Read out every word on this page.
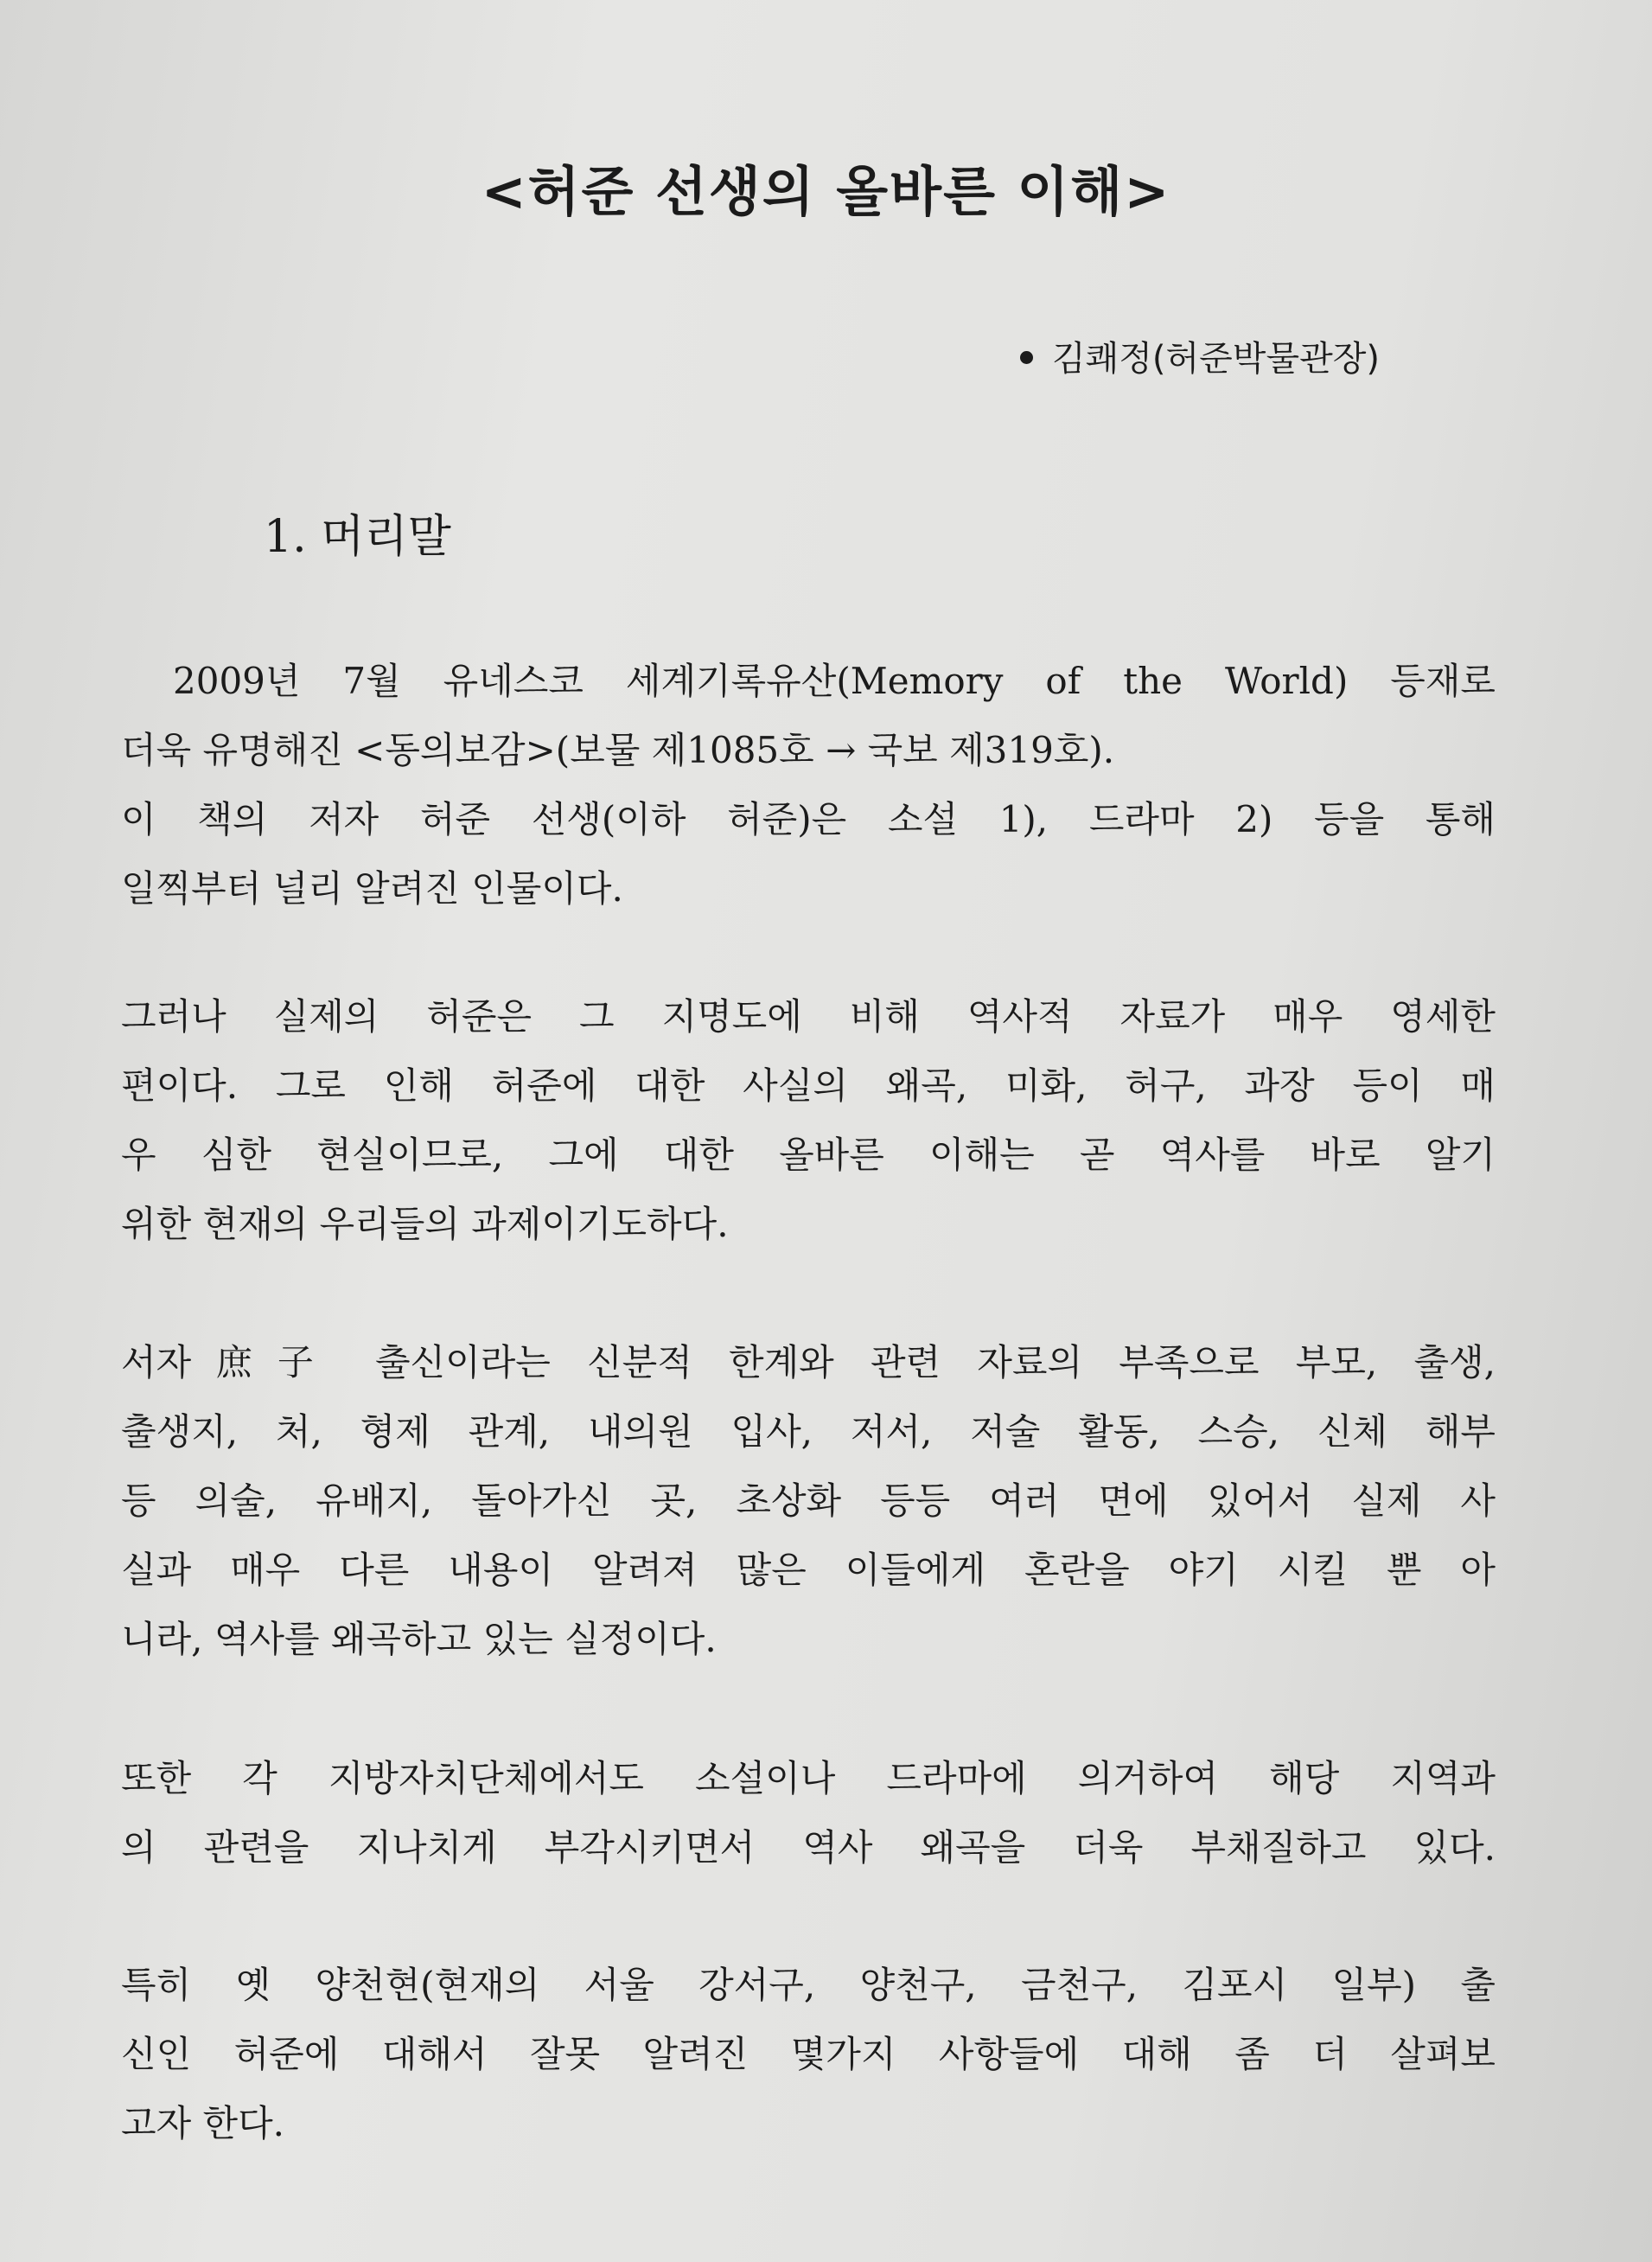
<허준 선생의 올바른 이해>
김쾌정(허준박물관장)
1. 머리말
2009년 7월 유네스코 세계기록유산(Memory of the World) 등재로
더욱 유명해진 <동의보감>(보물 제1085호 → 국보 제319호).
이 책의 저자 허준 선생(이하 허준)은 소설 1), 드라마 2) 등을 통해
일찍부터 널리 알려진 인물이다.
그러나 실제의 허준은 그 지명도에 비해 역사적 자료가 매우 영세한
편이다. 그로 인해 허준에 대한 사실의 왜곡, 미화, 허구, 과장 등이 매
우 심한 현실이므로, 그에 대한 올바른 이해는 곧 역사를 바로 알기
위한 현재의 우리들의 과제이기도하다.
서자庶子 출신이라는 신분적 한계와 관련 자료의 부족으로 부모, 출생,
출생지, 처, 형제 관계, 내의원 입사, 저서, 저술 활동, 스승, 신체 해부
등 의술, 유배지, 돌아가신 곳, 초상화 등등 여러 면에 있어서 실제 사
실과 매우 다른 내용이 알려져 많은 이들에게 혼란을 야기 시킬 뿐 아
니라, 역사를 왜곡하고 있는 실정이다.
또한 각 지방자치단체에서도 소설이나 드라마에 의거하여 해당 지역과
의 관련을 지나치게 부각시키면서 역사 왜곡을 더욱 부채질하고 있다.
특히 옛 양천현(현재의 서울 강서구, 양천구, 금천구, 김포시 일부) 출
신인 허준에 대해서 잘못 알려진 몇가지 사항들에 대해 좀 더 살펴보
고자 한다.
